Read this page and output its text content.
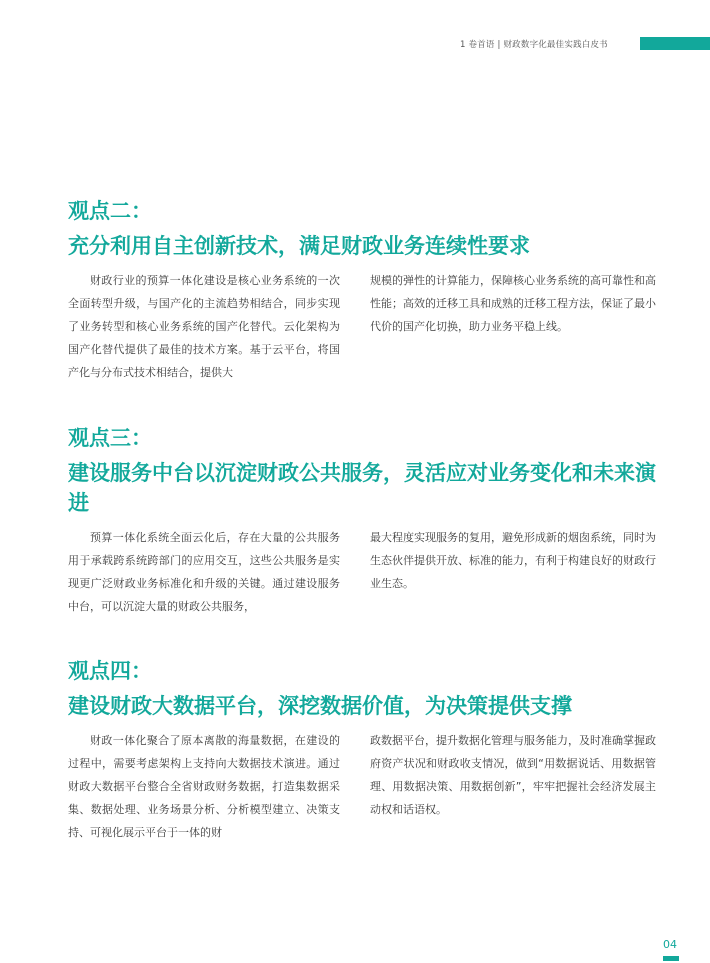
1 卷首语 | 财政数字化最佳实践白皮书
观点二：
充分利用自主创新技术，满足财政业务连续性要求
财政行业的预算一体化建设是核心业务系统的一次全面转型升级，与国产化的主流趋势相结合，同步实现了业务转型和核心业务系统的国产化替代。云化架构为国产化替代提供了最佳的技术方案。基于云平台，将国产化与分布式技术相结合，提供大
规模的弹性的计算能力，保障核心业务系统的高可靠性和高性能；高效的迁移工具和成熟的迁移工程方法，保证了最小代价的国产化切换，助力业务平稳上线。
观点三：
建设服务中台以沉淀财政公共服务，灵活应对业务变化和未来演进
预算一体化系统全面云化后，存在大量的公共服务用于承载跨系统跨部门的应用交互，这些公共服务是实现更广泛财政业务标准化和升级的关键。通过建设服务中台，可以沉淀大量的财政公共服务，
最大程度实现服务的复用，避免形成新的烟囱系统，同时为生态伙伴提供开放、标准的能力，有利于构建良好的财政行业生态。
观点四：
建设财政大数据平台，深挖数据价值，为决策提供支撑
财政一体化聚合了原本离散的海量数据，在建设的过程中，需要考虑架构上支持向大数据技术演进。通过财政大数据平台整合全省财政财务数据，打造集数据采集、数据处理、业务场景分析、分析模型建立、决策支持、可视化展示平台于一体的财
政数据平台，提升数据化管理与服务能力，及时准确掌握政府资产状况和财政收支情况，做到“用数据说话、用数据管理、用数据决策、用数据创新”，牢牢把握社会经济发展主动权和话语权。
04
